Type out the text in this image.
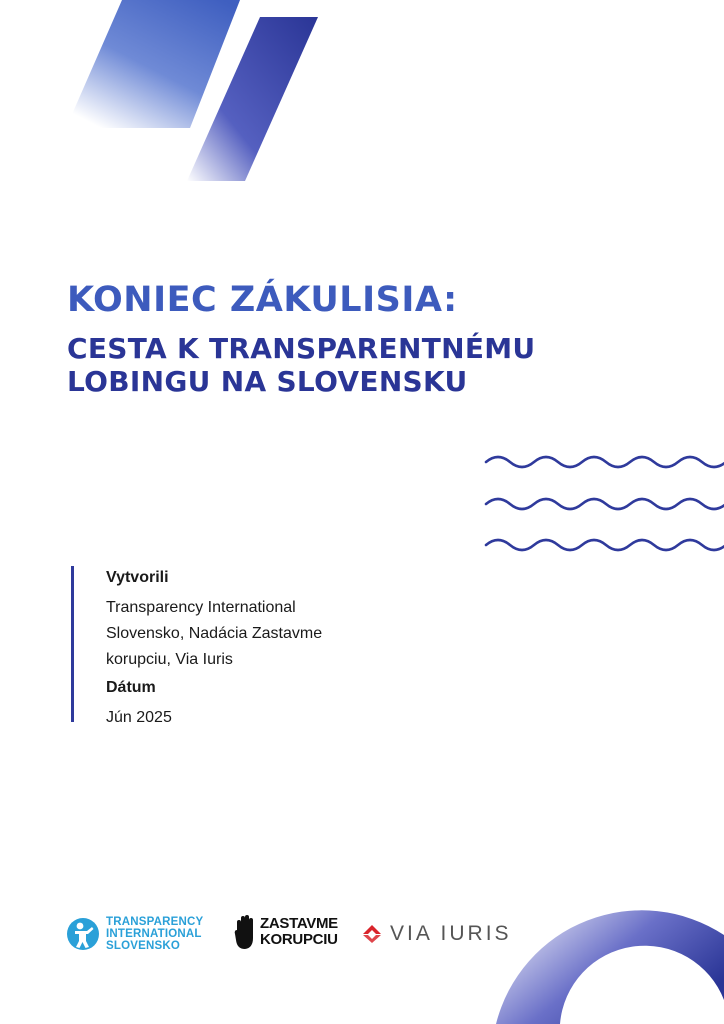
KONIEC ZÁKULISIA:
CESTA K TRANSPARENTNÉMU
LOBINGU NA SLOVENSKU
Vytvorili
Transparency International
Slovensko, Nadácia Zastavme
korupciu, Via Iuris
Dátum
Jún 2025
TRANSPARENCY
INTERNATIONAL
SLOVENSKO
ZASTAVME
KORUPCIU VIA IURIS
